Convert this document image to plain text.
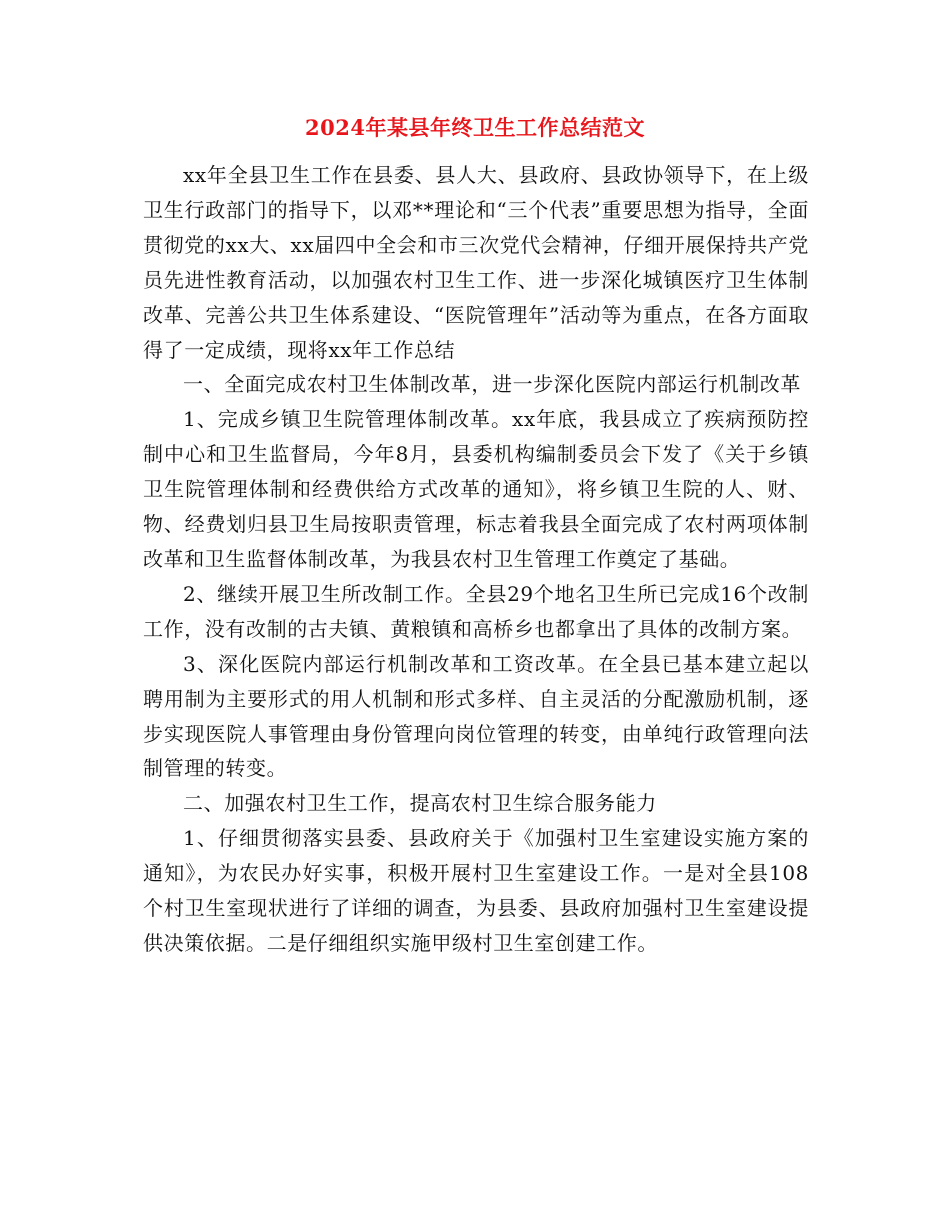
2024年某县年终卫生工作总结范文

xx年全县卫生工作在县委、县人大、县政府、县政协领导下，在上级卫生行政部门的指导下，以邓**理论和“三个代表”重要思想为指导，全面贯彻党的xx大、xx届四中全会和市三次党代会精神，仔细开展保持共产党员先进性教育活动，以加强农村卫生工作、进一步深化城镇医疗卫生体制改革、完善公共卫生体系建设、“医院管理年”活动等为重点，在各方面取得了一定成绩，现将xx年工作总结

一、全面完成农村卫生体制改革，进一步深化医院内部运行机制改革

1、完成乡镇卫生院管理体制改革。xx年底，我县成立了疾病预防控制中心和卫生监督局，今年8月，县委机构编制委员会下发了《关于乡镇卫生院管理体制和经费供给方式改革的通知》，将乡镇卫生院的人、财、物、经费划归县卫生局按职责管理，标志着我县全面完成了农村两项体制改革和卫生监督体制改革，为我县农村卫生管理工作奠定了基础。

2、继续开展卫生所改制工作。全县29个地名卫生所已完成16个改制工作，没有改制的古夫镇、黄粮镇和高桥乡也都拿出了具体的改制方案。

3、深化医院内部运行机制改革和工资改革。在全县已基本建立起以聘用制为主要形式的用人机制和形式多样、自主灵活的分配激励机制，逐步实现医院人事管理由身份管理向岗位管理的转变，由单纯行政管理向法制管理的转变。

二、加强农村卫生工作，提高农村卫生综合服务能力

1、仔细贯彻落实县委、县政府关于《加强村卫生室建设实施方案的通知》，为农民办好实事，积极开展村卫生室建设工作。一是对全县108个村卫生室现状进行了详细的调查，为县委、县政府加强村卫生室建设提供决策依据。二是仔细组织实施甲级村卫生室创建工作。
